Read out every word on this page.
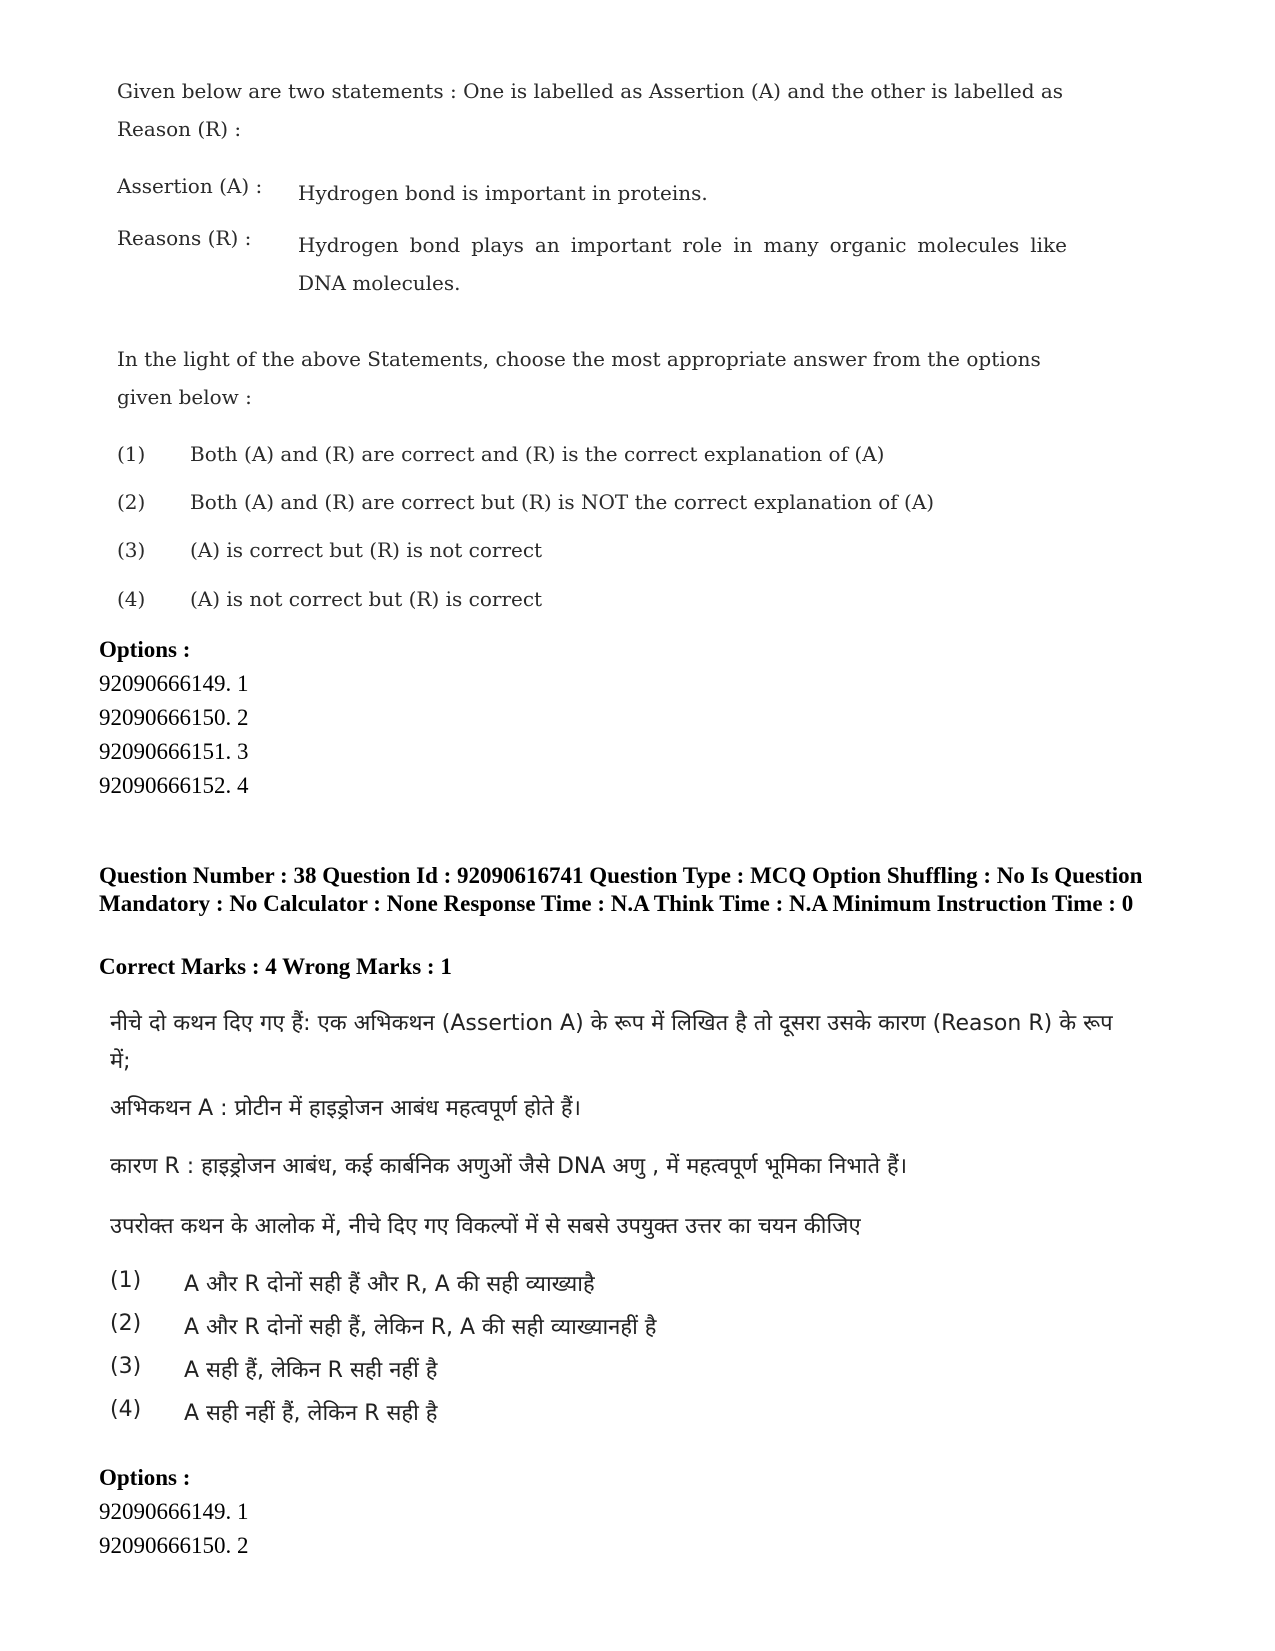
Given below are two statements : One is labelled as Assertion (A) and the other is labelled as Reason (R) :
Assertion (A) :	Hydrogen bond is important in proteins.
Reasons (R) :	Hydrogen bond plays an important role in many organic molecules like DNA molecules.
In the light of the above Statements, choose the most appropriate answer from the options given below :
(1)	Both (A) and (R) are correct and (R) is the correct explanation of (A)
(2)	Both (A) and (R) are correct but (R) is NOT the correct explanation of (A)
(3)	(A) is correct but (R) is not correct
(4)	(A) is not correct but (R) is correct
Options :
92090666149. 1
92090666150. 2
92090666151. 3
92090666152. 4
Question Number : 38 Question Id : 92090616741 Question Type : MCQ Option Shuffling : No Is Question Mandatory : No Calculator : None Response Time : N.A Think Time : N.A Minimum Instruction Time : 0
Correct Marks : 4 Wrong Marks : 1
नीचे दो कथन दिए गए हैं: एक अभिकथन (Assertion A) के रूप में लिखित है तो दूसरा उसके कारण (Reason R) के रूप में;
अभिकथन A : प्रोटीन में हाइड्रोजन आबंध महत्वपूर्ण होते हैं।
कारण R : हाइड्रोजन आबंध, कई कार्बनिक अणुओं जैसे DNA अणु , में महत्वपूर्ण भूमिका निभाते हैं।
उपरोक्त कथन के आलोक में, नीचे दिए गए विकल्पों में से सबसे उपयुक्त उत्तर का चयन कीजिए
(1)	A और R दोनों सही हैं और R, A की सही व्याख्याहै
(2)	A और R दोनों सही हैं, लेकिन R, A की सही व्याख्यानहीं है
(3)	A सही हैं, लेकिन R सही नहीं है
(4)	A सही नहीं हैं, लेकिन R सही है
Options :
92090666149. 1
92090666150. 2
